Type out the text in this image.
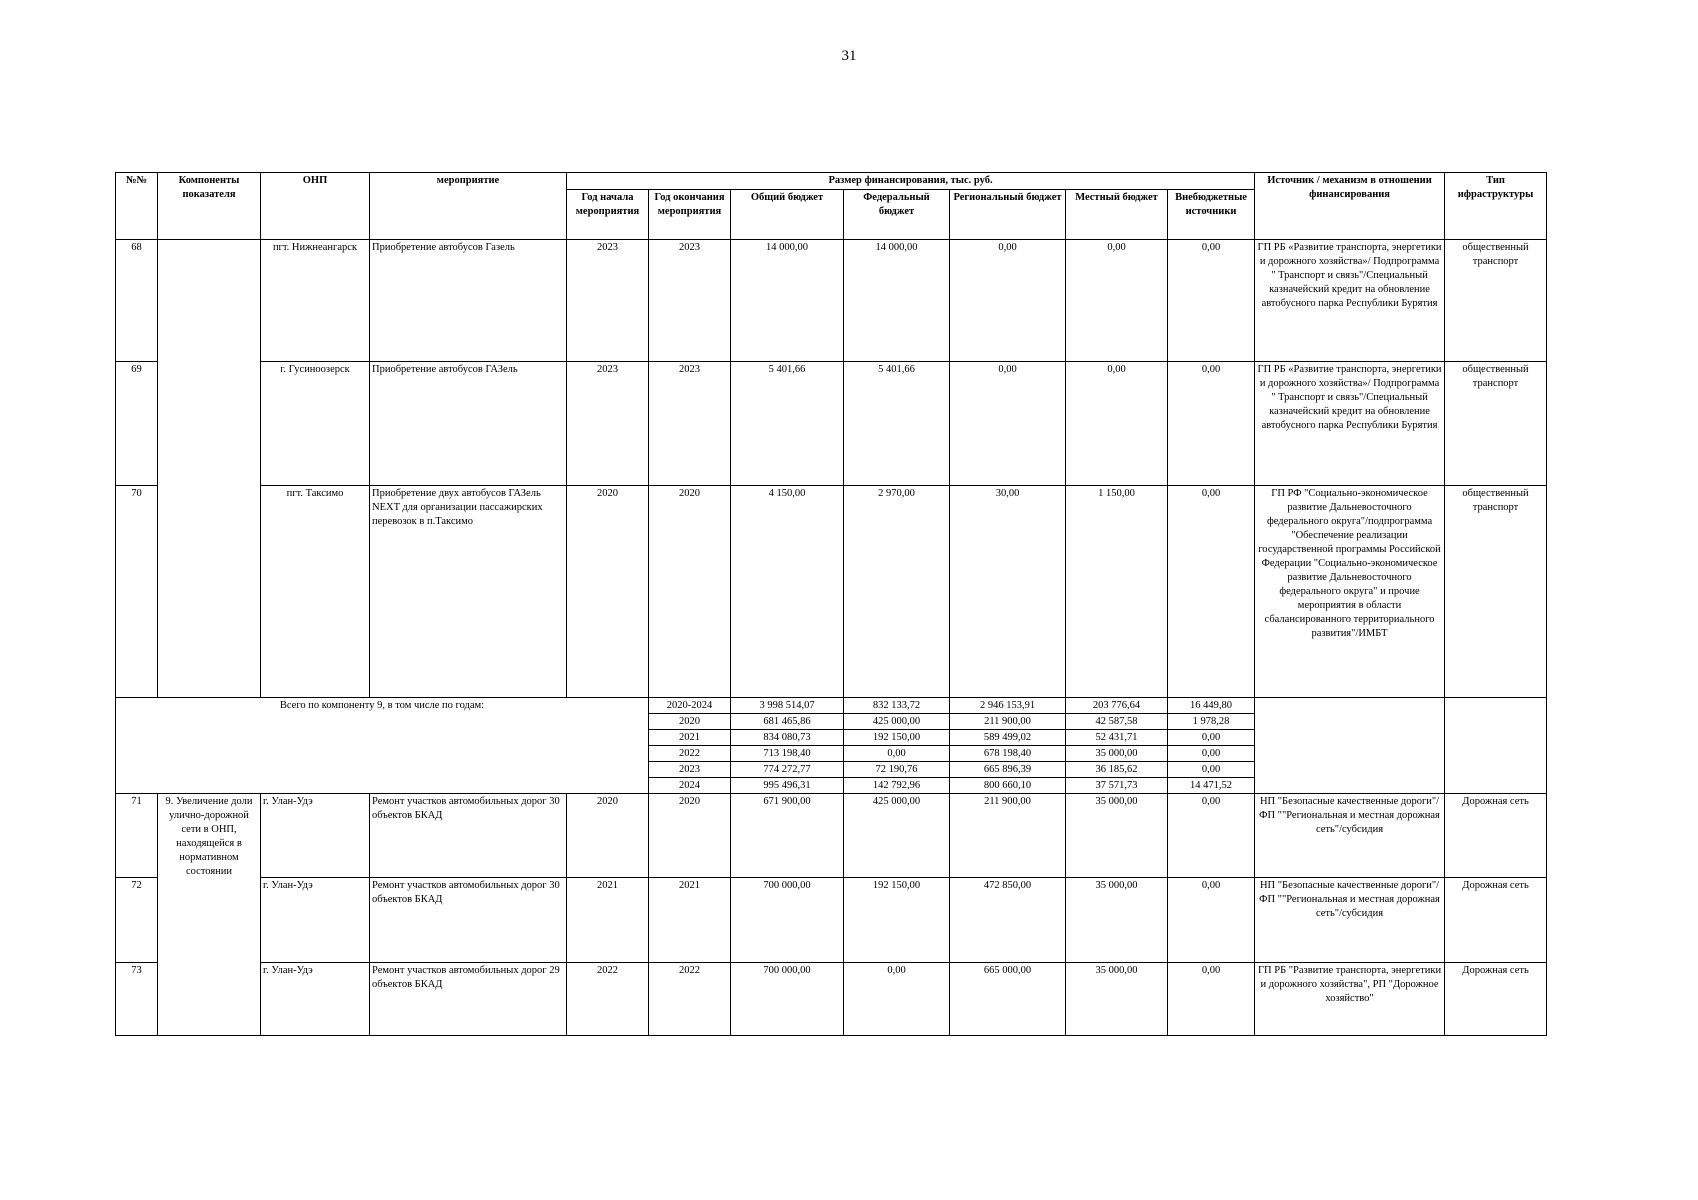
31
№№	Компоненты показателя	ОНП	мероприятие	Размер финансирования, тыс. руб.							Источник / механизм в отношении финансирования	Тип ифраструктуры
				Год начала мероприятия	Год окончания мероприятия	Общий бюджет	Федеральный бюджет	Региональный бюджет	Местный бюджет	Внебюджетные источники		
68		пгт. Нижнеангарск	Приобретение автобусов Газель	2023	2023	14 000,00	14 000,00	0,00	0,00	0,00	ГП РБ «Развитие транспорта, энергетики и дорожного хозяйства»/ Подпрограмма " Транспорт и связь"/Специальный казначейский кредит на обновление автобусного парка Республики Бурятия	общественный транспорт
69		г. Гусиноозерск	Приобретение автобусов ГАЗель	2023	2023	5 401,66	5 401,66	0,00	0,00	0,00	ГП РБ «Развитие транспорта, энергетики и дорожного хозяйства»/ Подпрограмма " Транспорт и связь"/Специальный казначейский кредит на обновление автобусного парка Республики Бурятия	общественный транспорт
70		пгт. Таксимо	Приобретение двух автобусов ГАЗель NEXT для организации пассажирских перевозок в п.Таксимо	2020	2020	4 150,00	2 970,00	30,00	1 150,00	0,00	ГП РФ "Социально-экономическое развитие Дальневосточного федерального округа"/подпрограмма "Обеспечение реализации государственной программы Российской Федерации "Социально-экономическое развитие Дальневосточного федерального округа" и прочие мероприятия в области сбалансированного территориального развития"/ИМБТ	общественный транспорт
Всего по компоненту 9, в том числе по годам:					2020-2024	3 998 514,07	832 133,72	2 946 153,91	203 776,64	16 449,80		
					2020	681 465,86	425 000,00	211 900,00	42 587,58	1 978,28		
					2021	834 080,73	192 150,00	589 499,02	52 431,71	0,00		
					2022	713 198,40	0,00	678 198,40	35 000,00	0,00		
					2023	774 272,77	72 190,76	665 896,39	36 185,62	0,00		
					2024	995 496,31	142 792,96	800 660,10	37 571,73	14 471,52		
71	9. Увеличение доли улично-дорожной сети в ОНП, находящейся в нормативном состоянии	г. Улан-Удэ	Ремонт участков автомобильных дорог 30 объектов БКАД	2020	2020	671 900,00	425 000,00	211 900,00	35 000,00	0,00	НП "Безопасные качественные дороги"/ФП ""Региональная и местная дорожная сеть"/субсидия	Дорожная сеть
72		г. Улан-Удэ	Ремонт участков автомобильных дорог 30 объектов БКАД	2021	2021	700 000,00	192 150,00	472 850,00	35 000,00	0,00	НП "Безопасные качественные дороги"/ФП ""Региональная и местная дорожная сеть"/субсидия	Дорожная сеть
73		г. Улан-Удэ	Ремонт участков автомобильных дорог 29 объектов БКАД	2022	2022	700 000,00	0,00	665 000,00	35 000,00	0,00	ГП РБ "Развитие транспорта, энергетики и дорожного хозяйства", РП "Дорожное хозяйство"	Дорожная сеть
